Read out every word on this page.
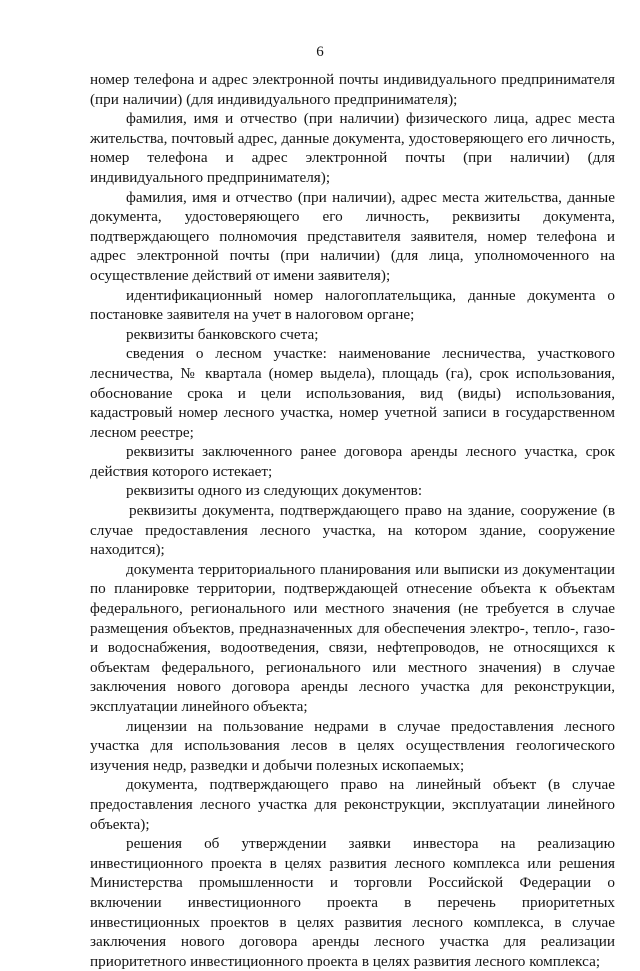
6

номер телефона и адрес электронной почты индивидуального предпринимателя (при наличии) (для индивидуального предпринимателя);

фамилия, имя и отчество (при наличии) физического лица, адрес места жительства, почтовый адрес, данные документа, удостоверяющего его личность, номер телефона и адрес электронной почты (при наличии) (для индивидуального предпринимателя);

фамилия, имя и отчество (при наличии), адрес места жительства, данные документа, удостоверяющего его личность, реквизиты документа, подтверждающего полномочия представителя заявителя, номер телефона и адрес электронной почты (при наличии) (для лица, уполномоченного на осуществление действий от имени заявителя);

идентификационный номер налогоплательщика, данные документа о постановке заявителя на учет в налоговом органе;

реквизиты банковского счета;

сведения о лесном участке: наименование лесничества, участкового лесничества, № квартала (номер выдела), площадь (га), срок использования, обоснование срока и цели использования, вид (виды) использования, кадастровый номер лесного участка, номер учетной записи в государственном лесном реестре;

реквизиты заключенного ранее договора аренды лесного участка, срок действия которого истекает;

реквизиты одного из следующих документов:

реквизиты документа, подтверждающего право на здание, сооружение (в случае предоставления лесного участка, на котором здание, сооружение находится);

документа территориального планирования или выписки из документации по планировке территории, подтверждающей отнесение объекта к объектам федерального, регионального или местного значения (не требуется в случае размещения объектов, предназначенных для обеспечения электро-, тепло-, газо- и водоснабжения, водоотведения, связи, нефтепроводов, не относящихся к объектам федерального, регионального или местного значения) в случае заключения нового договора аренды лесного участка для реконструкции, эксплуатации линейного объекта;

лицензии на пользование недрами в случае предоставления лесного участка для использования лесов в целях осуществления геологического изучения недр, разведки и добычи полезных ископаемых;

документа, подтверждающего право на линейный объект (в случае предоставления лесного участка для реконструкции, эксплуатации линейного объекта);

решения об утверждении заявки инвестора на реализацию инвестиционного проекта в целях развития лесного комплекса или решения Министерства промышленности и торговли Российской Федерации о включении инвестиционного проекта в перечень приоритетных инвестиционных проектов в целях развития лесного комплекса, в случае заключения нового договора аренды лесного участка для реализации приоритетного инвестиционного проекта в целях развития лесного комплекса;
